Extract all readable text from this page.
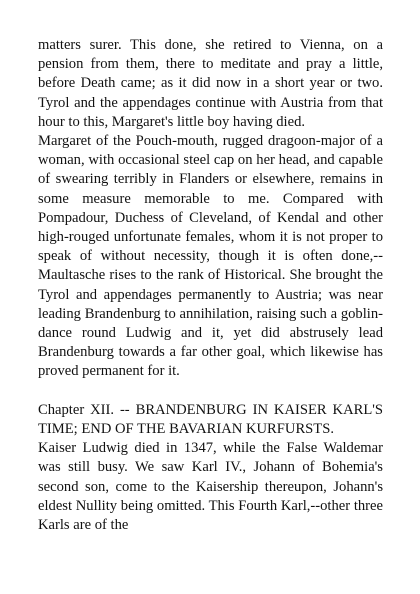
matters surer. This done, she retired to Vienna, on a pension from them, there to meditate and pray a little, before Death came; as it did now in a short year or two. Tyrol and the appendages continue with Austria from that hour to this, Margaret's little boy having died.

Margaret of the Pouch-mouth, rugged dragoon-major of a woman, with occasional steel cap on her head, and capable of swearing terribly in Flanders or elsewhere, remains in some measure memorable to me. Compared with Pompadour, Duchess of Cleveland, of Kendal and other high-rouged unfortunate females, whom it is not proper to speak of without necessity, though it is often done,--Maultasche rises to the rank of Historical. She brought the Tyrol and appendages permanently to Austria; was near leading Brandenburg to annihilation, raising such a goblin-dance round Ludwig and it, yet did abstrusely lead Brandenburg towards a far other goal, which likewise has proved permanent for it.

Chapter XII. -- BRANDENBURG IN KAISER KARL'S TIME; END OF THE BAVARIAN KURFURSTS.

Kaiser Ludwig died in 1347, while the False Waldemar was still busy. We saw Karl IV., Johann of Bohemia's second son, come to the Kaisership thereupon, Johann's eldest Nullity being omitted. This Fourth Karl,--other three Karls are of the
